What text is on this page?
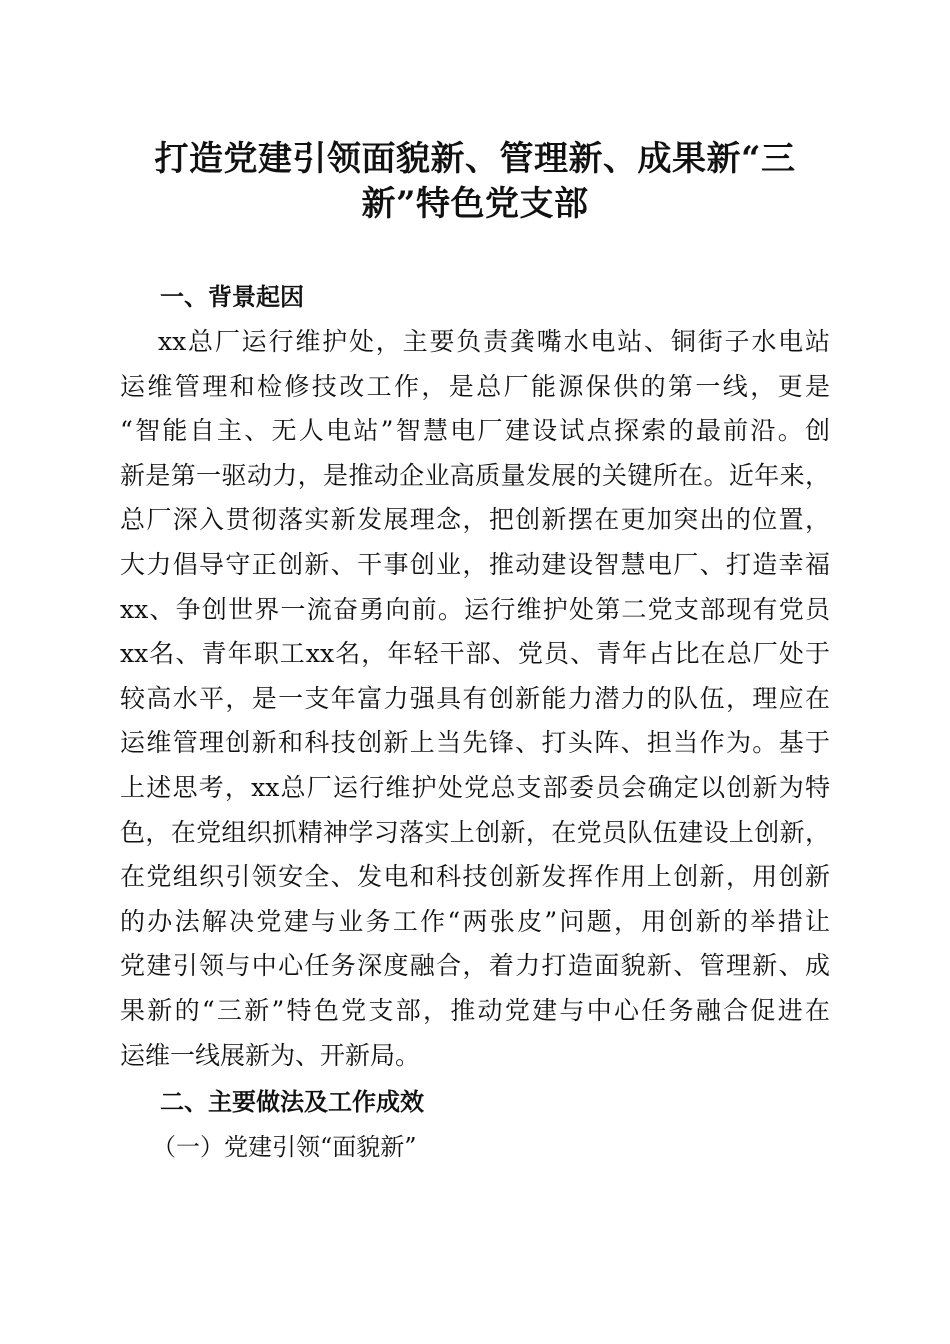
打造党建引领面貌新、管理新、成果新“三
新”特色党支部
一、背景起因
xx总厂运行维护处，主要负责龚嘴水电站、铜街子水电站
运维管理和检修技改工作，是总厂能源保供的第一线，更是
“智能自主、无人电站”智慧电厂建设试点探索的最前沿。创
新是第一驱动力，是推动企业高质量发展的关键所在。近年来，
总厂深入贯彻落实新发展理念，把创新摆在更加突出的位置，
大力倡导守正创新、干事创业，推动建设智慧电厂、打造幸福
xx、争创世界一流奋勇向前。运行维护处第二党支部现有党员
xx名、青年职工xx名，年轻干部、党员、青年占比在总厂处于
较高水平，是一支年富力强具有创新能力潜力的队伍，理应在
运维管理创新和科技创新上当先锋、打头阵、担当作为。基于
上述思考，xx总厂运行维护处党总支部委员会确定以创新为特
色，在党组织抓精神学习落实上创新，在党员队伍建设上创新，
在党组织引领安全、发电和科技创新发挥作用上创新，用创新
的办法解决党建与业务工作“两张皮”问题，用创新的举措让
党建引领与中心任务深度融合，着力打造面貌新、管理新、成
果新的“三新”特色党支部，推动党建与中心任务融合促进在
运维一线展新为、开新局。
二、主要做法及工作成效
（一）党建引领“面貌新”
